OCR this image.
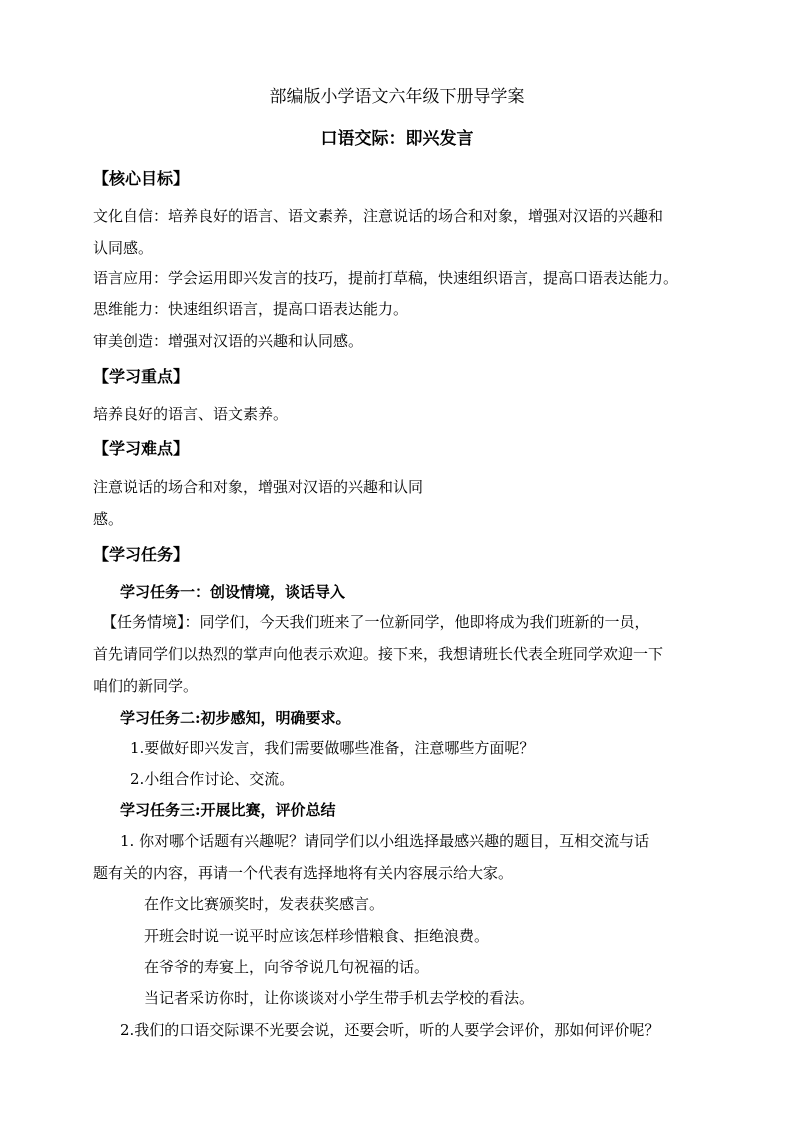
部编版小学语文六年级下册导学案
口语交际：即兴发言
【核心目标】
文化自信：培养良好的语言、语文素养，注意说话的场合和对象，增强对汉语的兴趣和
认同感。
语言应用：学会运用即兴发言的技巧，提前打草稿，快速组织语言，提高口语表达能力。
思维能力：快速组织语言，提高口语表达能力。
审美创造：增强对汉语的兴趣和认同感。
【学习重点】
培养良好的语言、语文素养。
【学习难点】
注意说话的场合和对象，增强对汉语的兴趣和认同
感。
【学习任务】
学习任务一：创设情境，谈话导入
【任务情境】：同学们，今天我们班来了一位新同学，他即将成为我们班新的一员，
首先请同学们以热烈的掌声向他表示欢迎。接下来，我想请班长代表全班同学欢迎一下
咱们的新同学。
学习任务二:初步感知，明确要求。
1.要做好即兴发言，我们需要做哪些准备，注意哪些方面呢？
2.小组合作讨论、交流。
学习任务三:开展比赛，评价总结
1. 你对哪个话题有兴趣呢？请同学们以小组选择最感兴趣的题目，互相交流与话
题有关的内容，再请一个代表有选择地将有关内容展示给大家。
在作文比赛颁奖时，发表获奖感言。
开班会时说一说平时应该怎样珍惜粮食、拒绝浪费。
在爷爷的寿宴上，向爷爷说几句祝福的话。
当记者采访你时，让你谈谈对小学生带手机去学校的看法。
2.我们的口语交际课不光要会说，还要会听，听的人要学会评价，那如何评价呢？
